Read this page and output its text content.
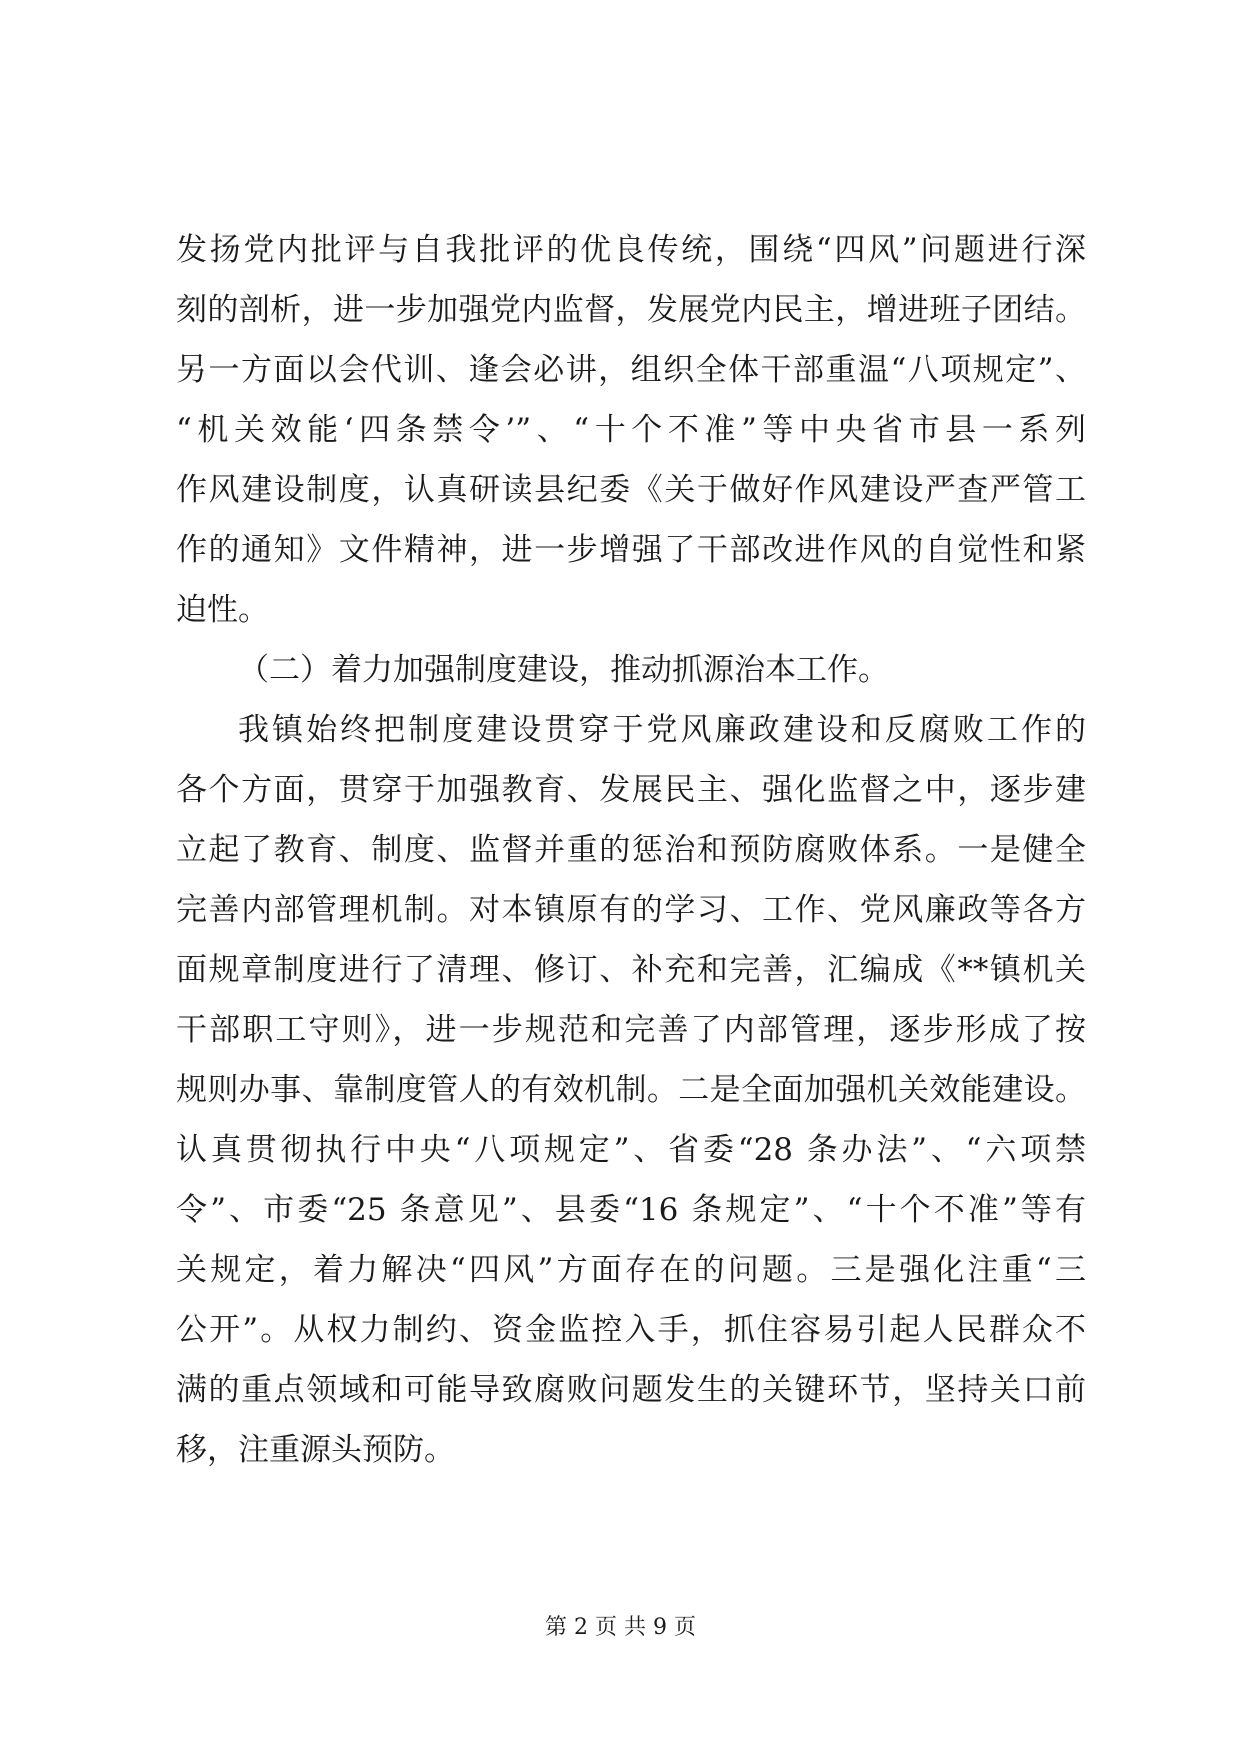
发扬党内批评与自我批评的优良传统，围绕“四风”问题进行深
刻的剖析，进一步加强党内监督，发展党内民主，增进班子团结。
另一方面以会代训、逢会必讲，组织全体干部重温“八项规定”、
“机关效能‘四条禁令’”、“十个不准”等中央省市县一系列
作风建设制度，认真研读县纪委《关于做好作风建设严查严管工
作的通知》文件精神，进一步增强了干部改进作风的自觉性和紧
迫性。
（二）着力加强制度建设，推动抓源治本工作。
我镇始终把制度建设贯穿于党风廉政建设和反腐败工作的
各个方面，贯穿于加强教育、发展民主、强化监督之中，逐步建
立起了教育、制度、监督并重的惩治和预防腐败体系。一是健全
完善内部管理机制。对本镇原有的学习、工作、党风廉政等各方
面规章制度进行了清理、修订、补充和完善，汇编成《**镇机关
干部职工守则》，进一步规范和完善了内部管理，逐步形成了按
规则办事、靠制度管人的有效机制。二是全面加强机关效能建设。
认真贯彻执行中央“八项规定”、省委“28 条办法”、“六项禁
令”、市委“25 条意见”、县委“16 条规定”、“十个不准”等有
关规定，着力解决“四风”方面存在的问题。三是强化注重“三
公开”。从权力制约、资金监控入手，抓住容易引起人民群众不
满的重点领域和可能导致腐败问题发生的关键环节，坚持关口前
移，注重源头预防。
第 2 页 共 9 页
